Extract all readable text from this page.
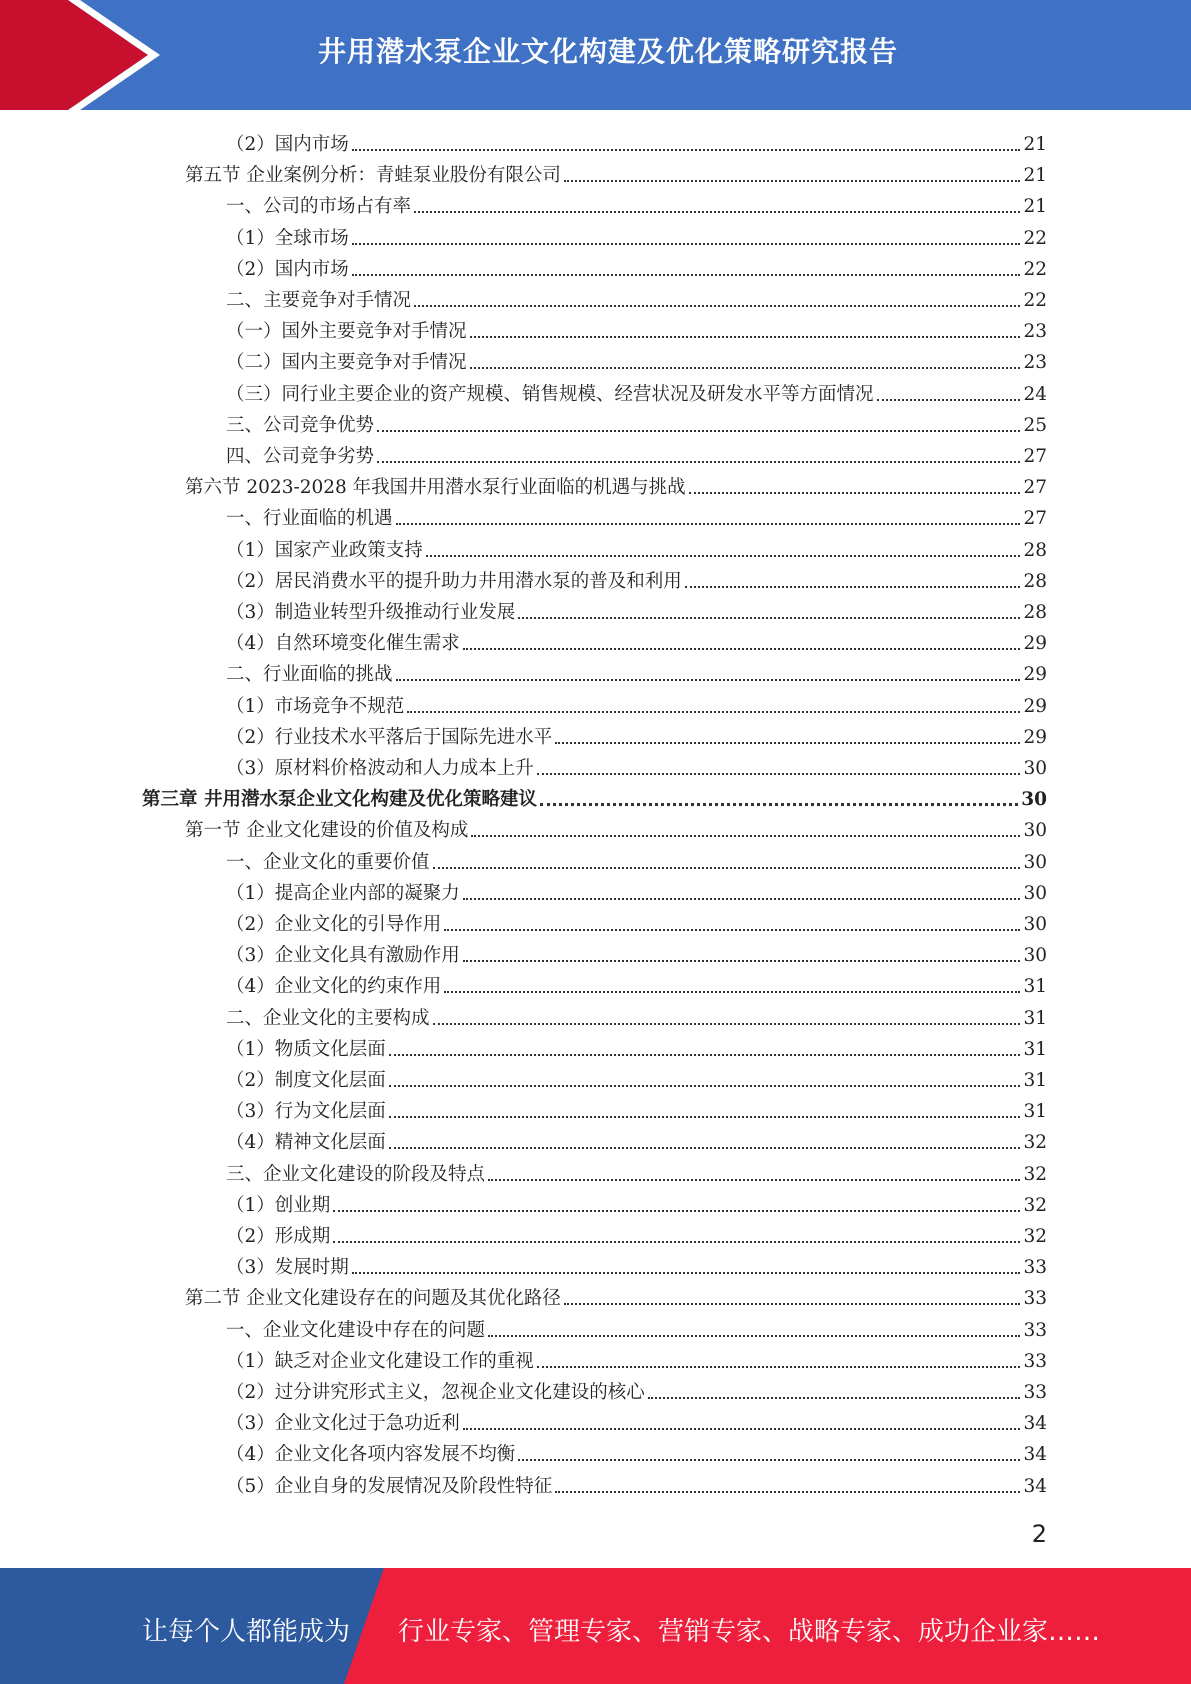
井用潜水泵企业文化构建及优化策略研究报告
（2）国内市场	21
第五节 企业案例分析：青蛙泵业股份有限公司	21
一、公司的市场占有率	21
（1）全球市场	22
（2）国内市场	22
二、主要竞争对手情况	22
（一）国外主要竞争对手情况	23
（二）国内主要竞争对手情况	23
（三）同行业主要企业的资产规模、销售规模、经营状况及研发水平等方面情况	24
三、公司竞争优势	25
四、公司竞争劣势	27
第六节 2023-2028 年我国井用潜水泵行业面临的机遇与挑战	27
一、行业面临的机遇	27
（1）国家产业政策支持	28
（2）居民消费水平的提升助力井用潜水泵的普及和利用	28
（3）制造业转型升级推动行业发展	28
（4）自然环境变化催生需求	29
二、行业面临的挑战	29
（1）市场竞争不规范	29
（2）行业技术水平落后于国际先进水平	29
（3）原材料价格波动和人力成本上升	30
第三章 井用潜水泵企业文化构建及优化策略建议	30
第一节 企业文化建设的价值及构成	30
一、企业文化的重要价值	30
（1）提高企业内部的凝聚力	30
（2）企业文化的引导作用	30
（3）企业文化具有激励作用	30
（4）企业文化的约束作用	31
二、企业文化的主要构成	31
（1）物质文化层面	31
（2）制度文化层面	31
（3）行为文化层面	31
（4）精神文化层面	32
三、企业文化建设的阶段及特点	32
（1）创业期	32
（2）形成期	32
（3）发展时期	33
第二节 企业文化建设存在的问题及其优化路径	33
一、企业文化建设中存在的问题	33
（1）缺乏对企业文化建设工作的重视	33
（2）过分讲究形式主义，忽视企业文化建设的核心	33
（3）企业文化过于急功近利	34
（4）企业文化各项内容发展不均衡	34
（5）企业自身的发展情况及阶段性特征	34
2
让每个人都能成为 行业专家、管理专家、营销专家、战略专家、成功企业家……
